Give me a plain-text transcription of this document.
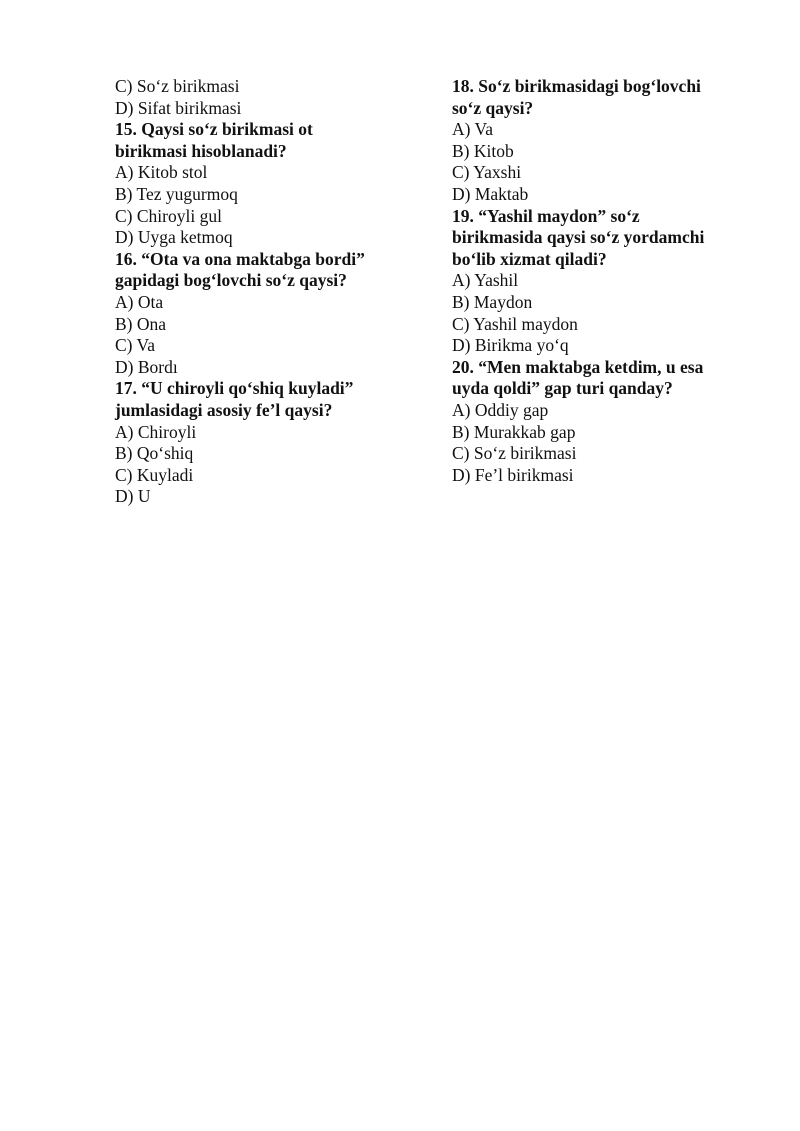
C) So‘z birikmasi
D) Sifat birikmasi
15. Qaysi so‘z birikmasi ot
birikmasi hisoblanadi?
A) Kitob stol
B) Tez yugurmoq
C) Chiroyli gul
D) Uyga ketmoq
16. “Ota va ona maktabga bordi”
gapidagi bog‘lovchi so‘z qaysi?
A) Ota
B) Ona
C) Va
D) Bordı
17. “U chiroyli qo‘shiq kuyladi”
jumlasidagi asosiy fe’l qaysi?
A) Chiroyli
B) Qo‘shiq
C) Kuyladi
D) U
18. So‘z birikmasidagi bog‘lovchi
so‘z qaysi?
A) Va
B) Kitob
C) Yaxshi
D) Maktab
19. “Yashil maydon” so‘z
birikmasida qaysi so‘z yordamchi
bo‘lib xizmat qiladi?
A) Yashil
B) Maydon
C) Yashil maydon
D) Birikma yo‘q
20. “Men maktabga ketdim, u esa
uyda qoldi” gap turi qanday?
A) Oddiy gap
B) Murakkab gap
C) So‘z birikmasi
D) Fe’l birikmasi
